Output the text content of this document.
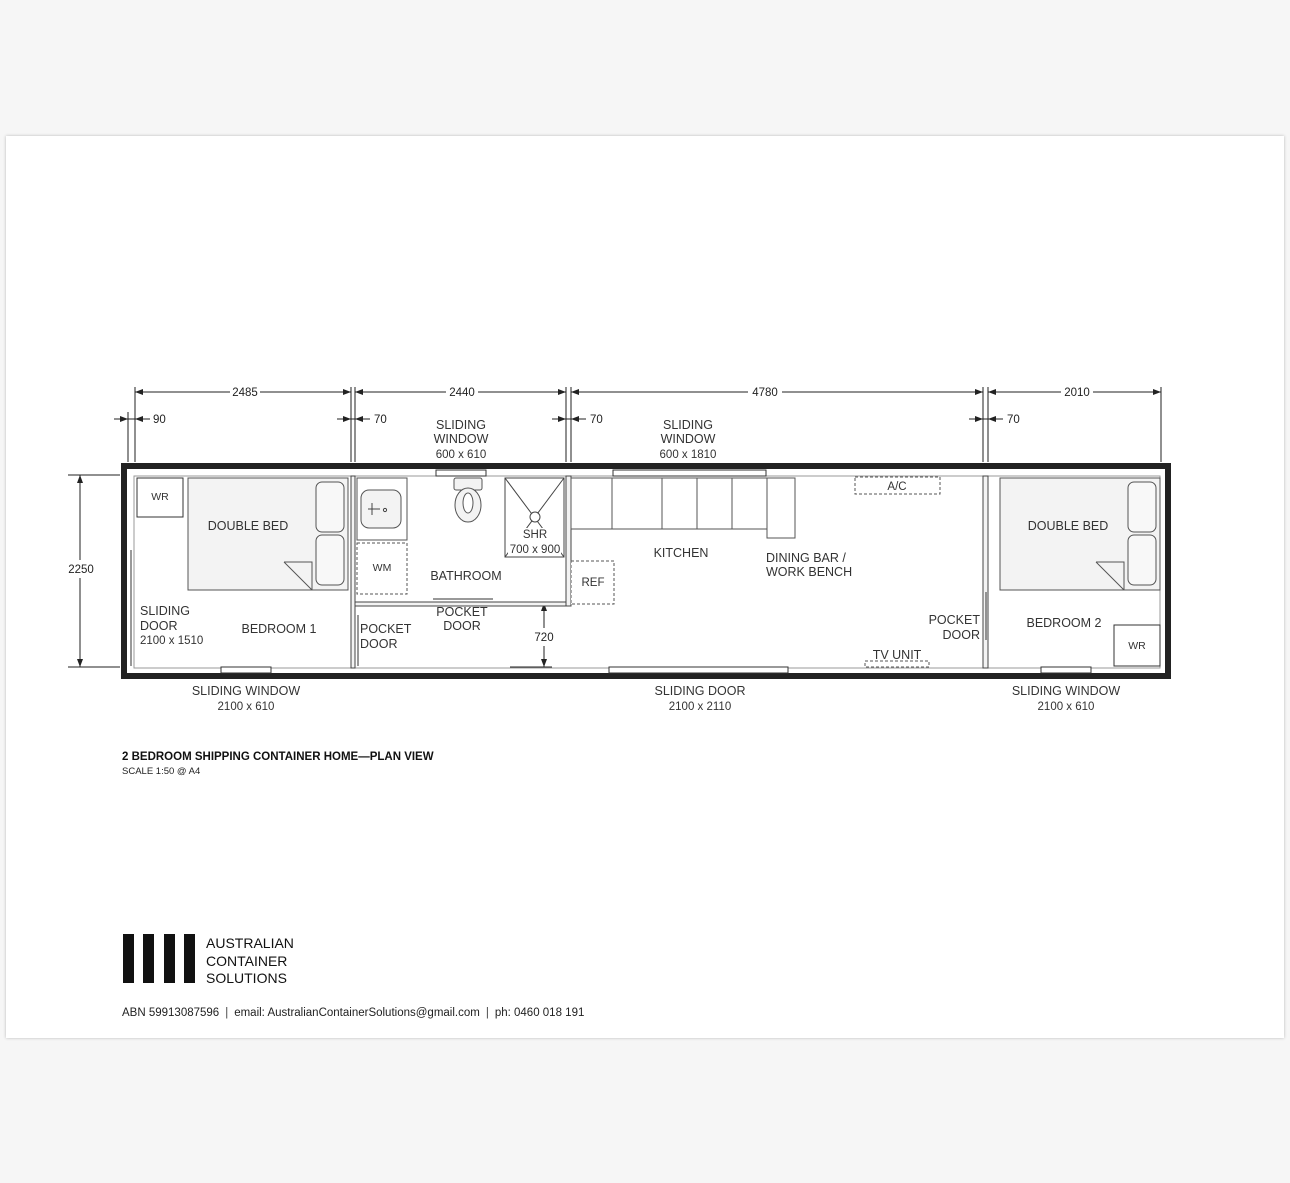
2485	2440	4780	2010
90	70	70	70
2250
720
SLIDING
WINDOW
600 x 610
SLIDING
WINDOW
600 x 1810
WR
DOUBLE BED
BEDROOM 1
SLIDING
DOOR
2100 x 1510
POCKET
DOOR
WM
SHR
700 x 900
BATHROOM
POCKET
DOOR
REF
KITCHEN	DINING BAR /
WORK BENCH
A/C
TV UNIT
POCKET
DOOR
DOUBLE BED
BEDROOM 2
WR
SLIDING WINDOW
2100 x 610
SLIDING DOOR
2100 x 2110
SLIDING WINDOW
2100 x 610
2 BEDROOM SHIPPING CONTAINER HOME—PLAN VIEW
SCALE 1:50 @ A4
AUSTRALIAN
CONTAINER
SOLUTIONS
ABN 59913087596 | email: AustralianContainerSolutions@gmail.com | ph: 0460 018 191
